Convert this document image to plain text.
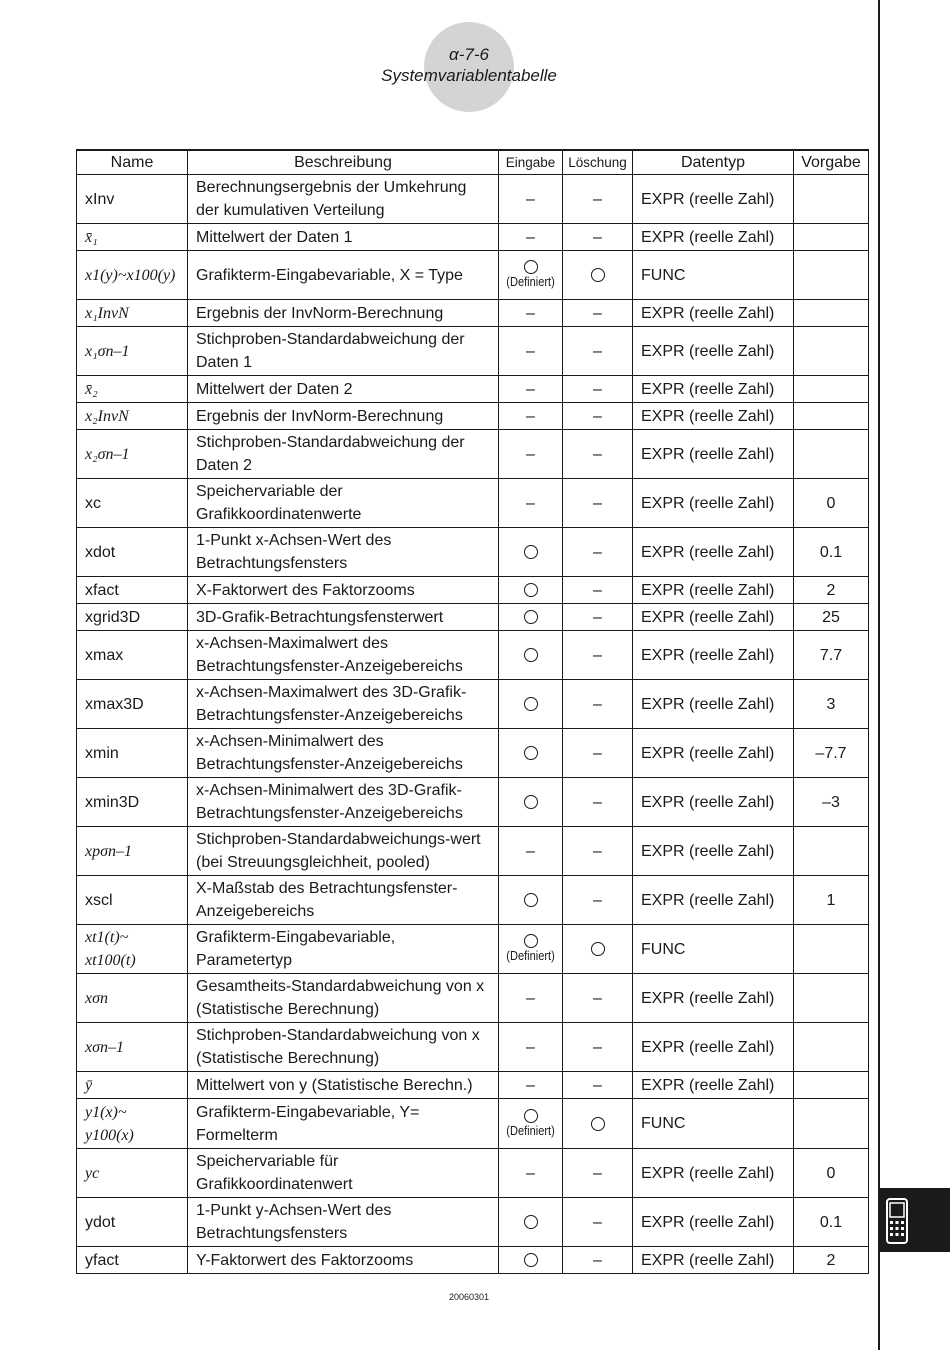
α-7-6
Systemvariablentabelle
Name	Beschreibung	Eingabe	Löschung	Datentyp	Vorgabe
xInv	Berechnungsergebnis der Umkehrung der kumulativen Verteilung	–	–	EXPR (reelle Zahl)	
x̄₁	Mittelwert der Daten 1	–	–	EXPR (reelle Zahl)	
x1(y)~x100(y)	Grafikterm-Eingabevariable, X = Type	(Definiert)		FUNC	
x₁InvN	Ergebnis der InvNorm-Berechnung	–	–	EXPR (reelle Zahl)	
x₁σn–1	Stichproben-Standardabweichung der Daten 1	–	–	EXPR (reelle Zahl)	
x̄₂	Mittelwert der Daten 2	–	–	EXPR (reelle Zahl)	
x₂InvN	Ergebnis der InvNorm-Berechnung	–	–	EXPR (reelle Zahl)	
x₂σn–1	Stichproben-Standardabweichung der Daten 2	–	–	EXPR (reelle Zahl)	
xc	Speichervariable der Grafikkoordinatenwerte	–	–	EXPR (reelle Zahl)	0
xdot	1-Punkt x-Achsen-Wert des Betrachtungsfensters		–	EXPR (reelle Zahl)	0.1
xfact	X-Faktorwert des Faktorzooms		–	EXPR (reelle Zahl)	2
xgrid3D	3D-Grafik-Betrachtungsfensterwert		–	EXPR (reelle Zahl)	25
xmax	x-Achsen-Maximalwert des Betrachtungsfenster-Anzeigebereichs		–	EXPR (reelle Zahl)	7.7
xmax3D	x-Achsen-Maximalwert des 3D-Grafik-Betrachtungsfenster-Anzeigebereichs		–	EXPR (reelle Zahl)	3
xmin	x-Achsen-Minimalwert des Betrachtungsfenster-Anzeigebereichs		–	EXPR (reelle Zahl)	–7.7
xmin3D	x-Achsen-Minimalwert des 3D-Grafik-Betrachtungsfenster-Anzeigebereichs		–	EXPR (reelle Zahl)	–3
xpσn–1	Stichproben-Standardabweichungs-wert (bei Streuungsgleichheit, pooled)	–	–	EXPR (reelle Zahl)	
xscl	X-Maßstab des Betrachtungsfenster-Anzeigebereichs		–	EXPR (reelle Zahl)	1
xt1(t)~ xt100(t)	Grafikterm-Eingabevariable, Parametertyp	(Definiert)		FUNC	
xσn	Gesamtheits-Standardabweichung von x (Statistische Berechnung)	–	–	EXPR (reelle Zahl)	
xσn–1	Stichproben-Standardabweichung von x (Statistische Berechnung)	–	–	EXPR (reelle Zahl)	
ȳ	Mittelwert von y (Statistische Berechn.)	–	–	EXPR (reelle Zahl)	
y1(x)~ y100(x)	Grafikterm-Eingabevariable, Y= Formelterm	(Definiert)		FUNC	
yc	Speichervariable für Grafikkoordinatenwert	–	–	EXPR (reelle Zahl)	0
ydot	1-Punkt y-Achsen-Wert des Betrachtungsfensters		–	EXPR (reelle Zahl)	0.1
yfact	Y-Faktorwert des Faktorzooms		–	EXPR (reelle Zahl)	2
20060301
